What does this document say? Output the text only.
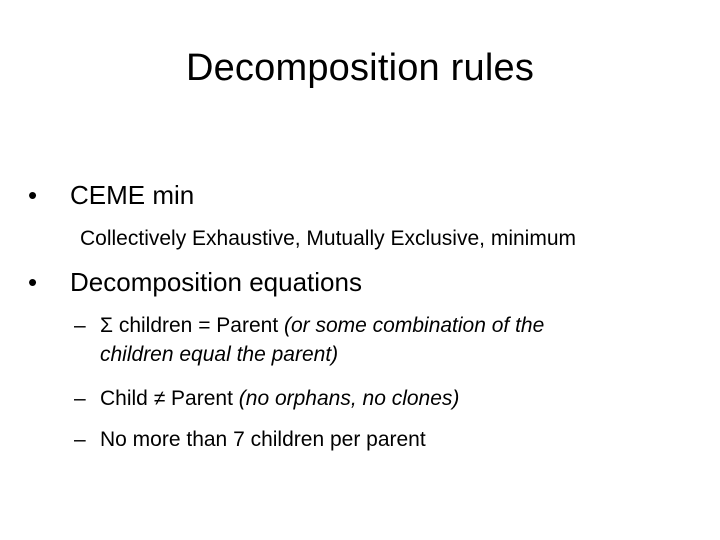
Decomposition rules
• CEME min
Collectively Exhaustive, Mutually Exclusive, minimum
• Decomposition equations
– Σ children = Parent (or some combination of the
children equal the parent)
– Child ≠ Parent (no orphans, no clones)
– No more than 7 children per parent
